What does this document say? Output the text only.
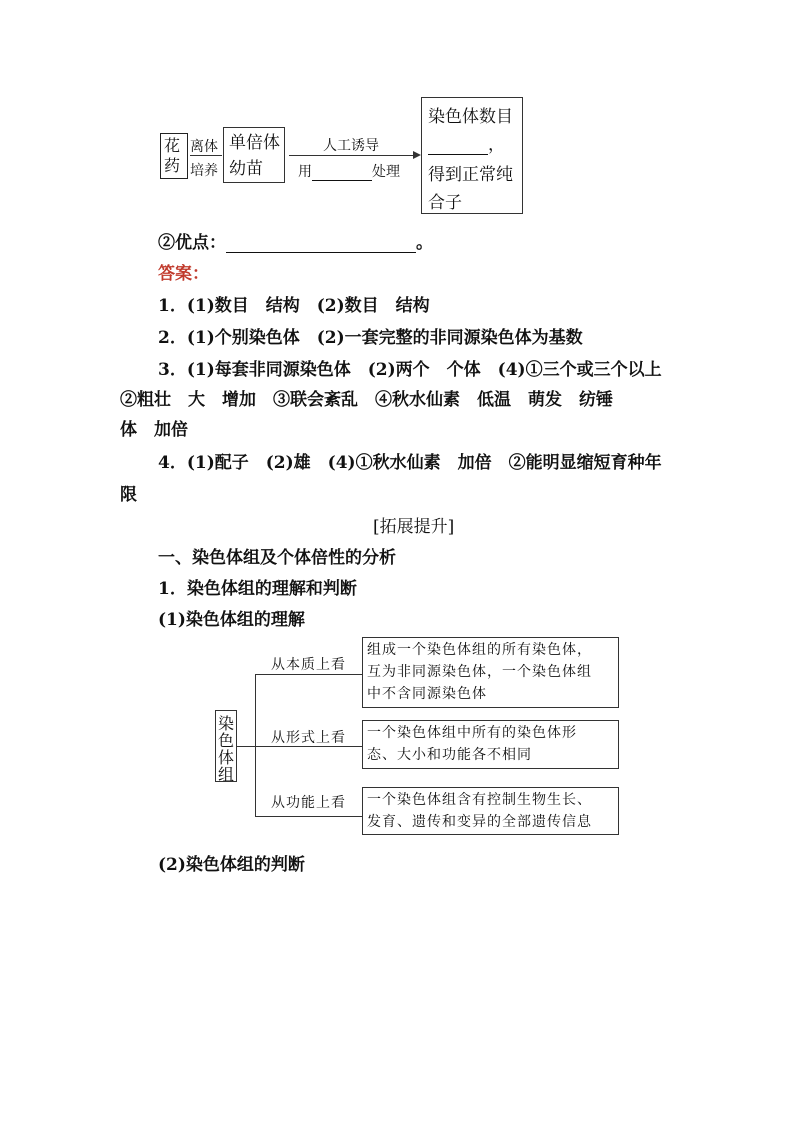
花药
离体
培养
单倍体幼苗
人工诱导
用	处理
染色体数目
，
得到正常纯
合子
②优点：	。
答案：
1．(1)数目　结构　(2)数目　结构
2．(1)个别染色体　(2)一套完整的非同源染色体为基数
3．(1)每套非同源染色体　(2)两个　个体　(4)①三个或三个以上
②粗壮　大　增加　③联会紊乱　④秋水仙素　低温　萌发　纺锤
体　加倍
4．(1)配子　(2)雄　(4)①秋水仙素　加倍　②能明显缩短育种年
限
[拓展提升]
一、染色体组及个体倍性的分析
1．染色体组的理解和判断
(1)染色体组的理解
染
色
体
组
从本质上看
组成一个染色体组的所有染色体，
互为非同源染色体，一个染色体组
中不含同源染色体
从形式上看 一个染色体组中所有的染色体形
态、大小和功能各不相同
从功能上看 一个染色体组含有控制生物生长、
发育、遗传和变异的全部遗传信息
(2)染色体组的判断
